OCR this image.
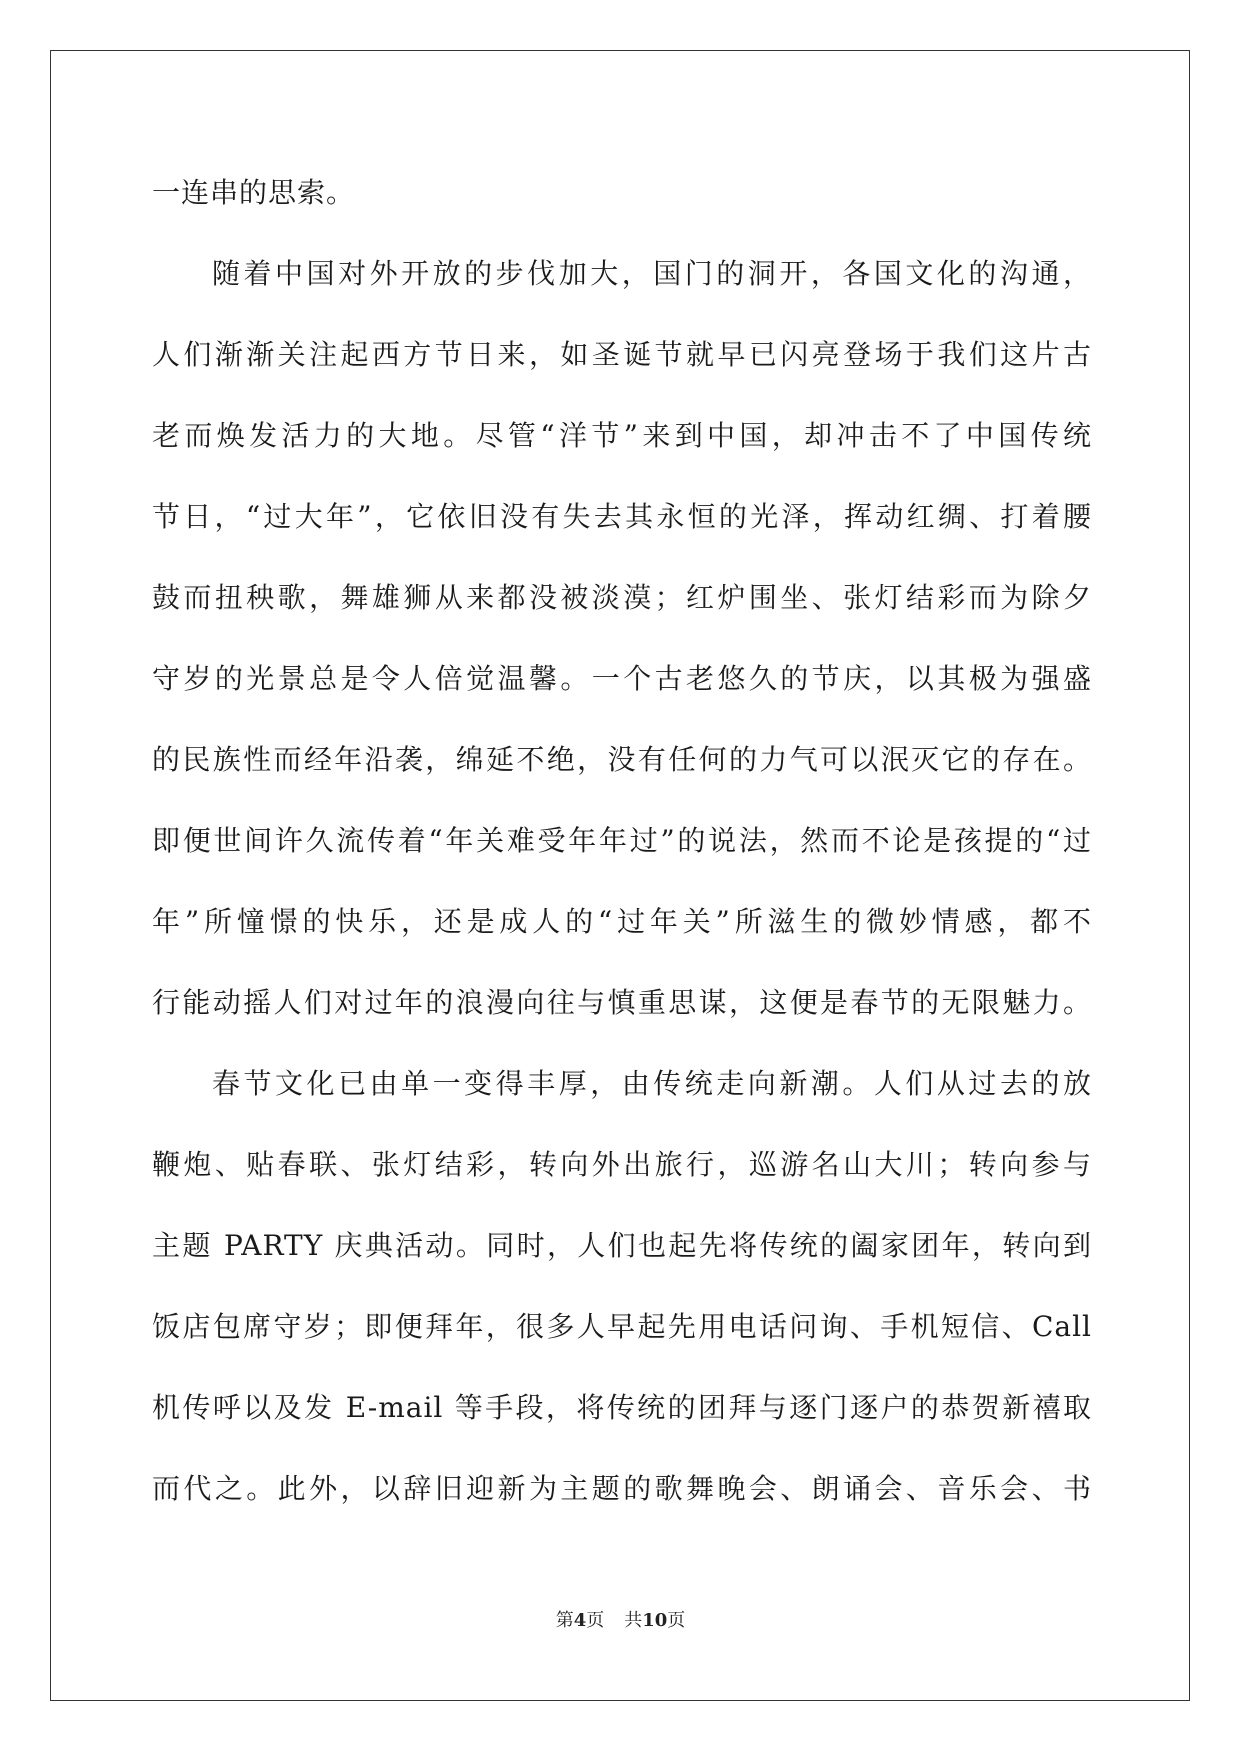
一连串的思索。
随着中国对外开放的步伐加大，国门的洞开，各国文化的沟通，
人们渐渐关注起西方节日来，如圣诞节就早已闪亮登场于我们这片古
老而焕发活力的大地。尽管“洋节”来到中国，却冲击不了中国传统
节日，“过大年”，它依旧没有失去其永恒的光泽，挥动红绸、打着腰
鼓而扭秧歌，舞雄狮从来都没被淡漠；红炉围坐、张灯结彩而为除夕
守岁的光景总是令人倍觉温馨。一个古老悠久的节庆，以其极为强盛
的民族性而经年沿袭，绵延不绝，没有任何的力气可以泯灭它的存在。
即便世间许久流传着“年关难受年年过”的说法，然而不论是孩提的“过
年”所憧憬的快乐，还是成人的“过年关”所滋生的微妙情感，都不
行能动摇人们对过年的浪漫向往与慎重思谋，这便是春节的无限魅力。
春节文化已由单一变得丰厚，由传统走向新潮。人们从过去的放
鞭炮、贴春联、张灯结彩，转向外出旅行，巡游名山大川；转向参与
主题 PARTY 庆典活动。同时，人们也起先将传统的阖家团年，转向到
饭店包席守岁；即便拜年，很多人早起先用电话问询、手机短信、Call
机传呼以及发 E-mail 等手段，将传统的团拜与逐门逐户的恭贺新禧取
而代之。此外，以辞旧迎新为主题的歌舞晚会、朗诵会、音乐会、书
第4页 共10页
